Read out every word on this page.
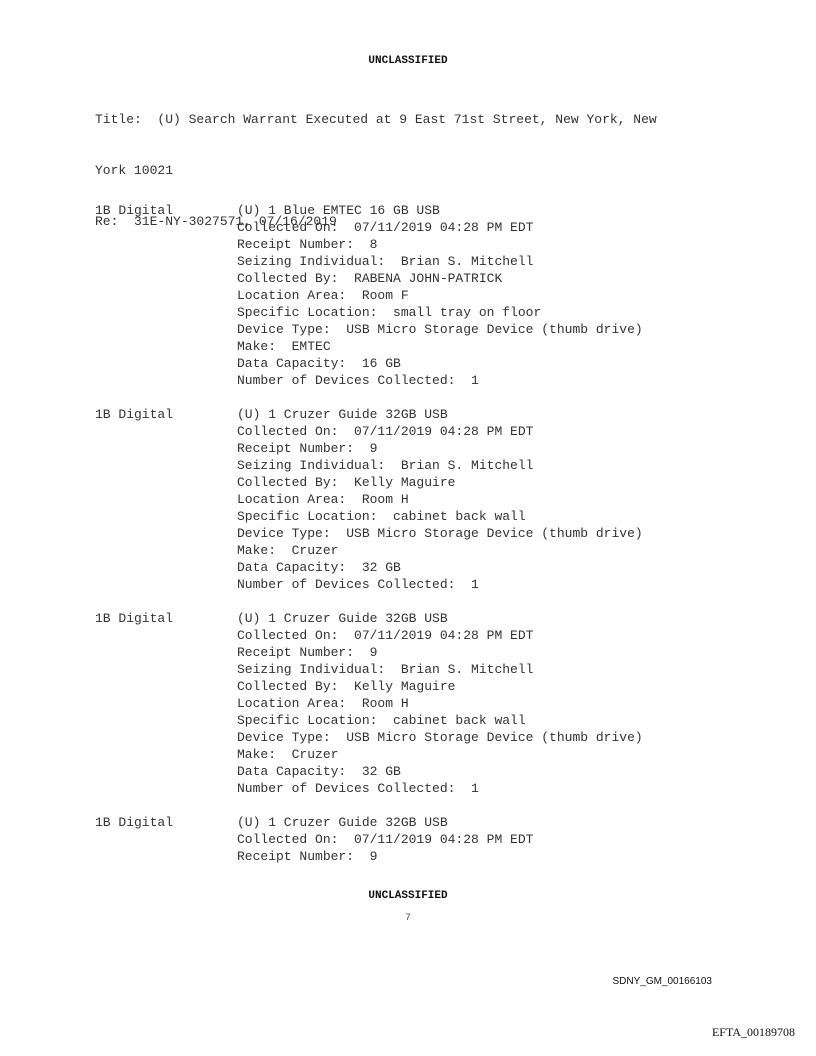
UNCLASSIFIED

Title:  (U) Search Warrant Executed at 9 East 71st Street, New York, New

York 10021

Re:  31E-NY-3027571, 07/16/2019

1B Digital	(U) 1 Blue EMTEC 16 GB USB
Collected On:  07/11/2019 04:28 PM EDT
Receipt Number:  8
Seizing Individual:  Brian S. Mitchell
Collected By:  RABENA JOHN-PATRICK
Location Area:  Room F
Specific Location:  small tray on floor
Device Type:  USB Micro Storage Device (thumb drive)
Make:  EMTEC
Data Capacity:  16 GB
Number of Devices Collected:  1
1B Digital	(U) 1 Cruzer Guide 32GB USB
Collected On:  07/11/2019 04:28 PM EDT
Receipt Number:  9
Seizing Individual:  Brian S. Mitchell
Collected By:  Kelly Maguire
Location Area:  Room H
Specific Location:  cabinet back wall
Device Type:  USB Micro Storage Device (thumb drive)
Make:  Cruzer
Data Capacity:  32 GB
Number of Devices Collected:  1
1B Digital	(U) 1 Cruzer Guide 32GB USB
Collected On:  07/11/2019 04:28 PM EDT
Receipt Number:  9
Seizing Individual:  Brian S. Mitchell
Collected By:  Kelly Maguire
Location Area:  Room H
Specific Location:  cabinet back wall
Device Type:  USB Micro Storage Device (thumb drive)
Make:  Cruzer
Data Capacity:  32 GB
Number of Devices Collected:  1
1B Digital	(U) 1 Cruzer Guide 32GB USB
Collected On:  07/11/2019 04:28 PM EDT
Receipt Number:  9
UNCLASSIFIED
7
SDNY_GM_00166103
EFTA_00189708
